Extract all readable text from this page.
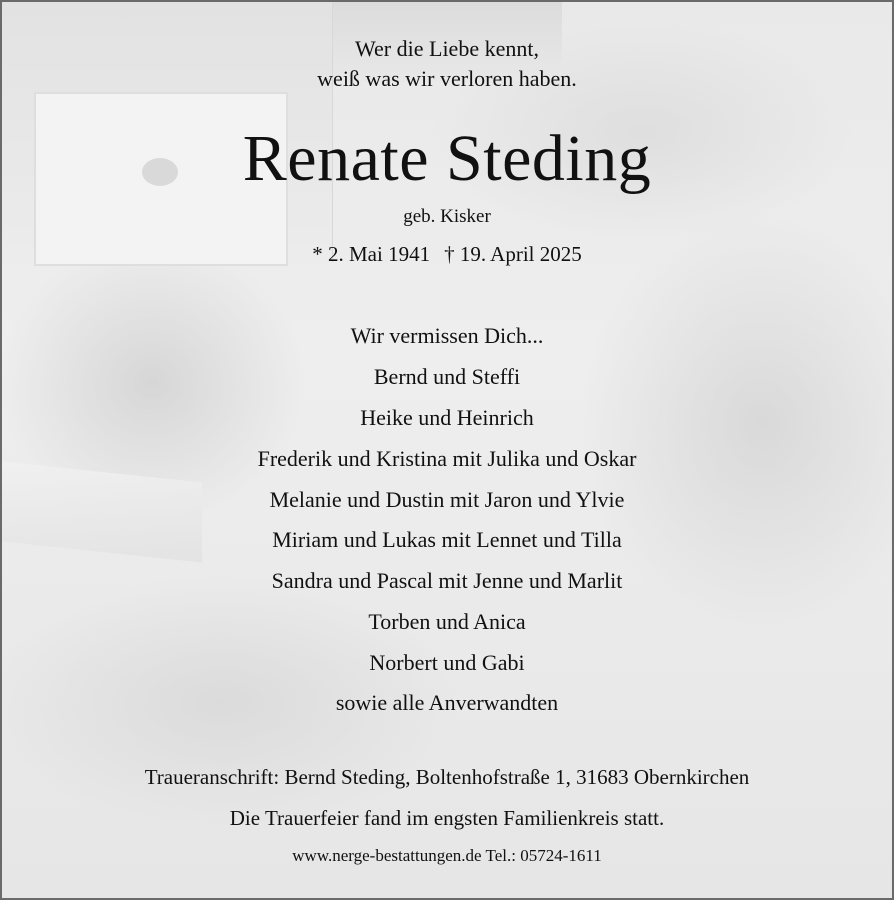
Wer die Liebe kennt,
weiß was wir verloren haben.
Renate Steding
geb. Kisker
* 2. Mai 1941 † 19. April 2025
Wir vermissen Dich...
Bernd und Steffi
Heike und Heinrich
Frederik und Kristina mit Julika und Oskar
Melanie und Dustin mit Jaron und Ylvie
Miriam und Lukas mit Lennet und Tilla
Sandra und Pascal mit Jenne und Marlit
Torben und Anica
Norbert und Gabi
sowie alle Anverwandten
Traueranschrift: Bernd Steding, Boltenhofstraße 1, 31683 Obernkirchen
Die Trauerfeier fand im engsten Familienkreis statt.
www.nerge-bestattungen.de Tel.: 05724-1611
